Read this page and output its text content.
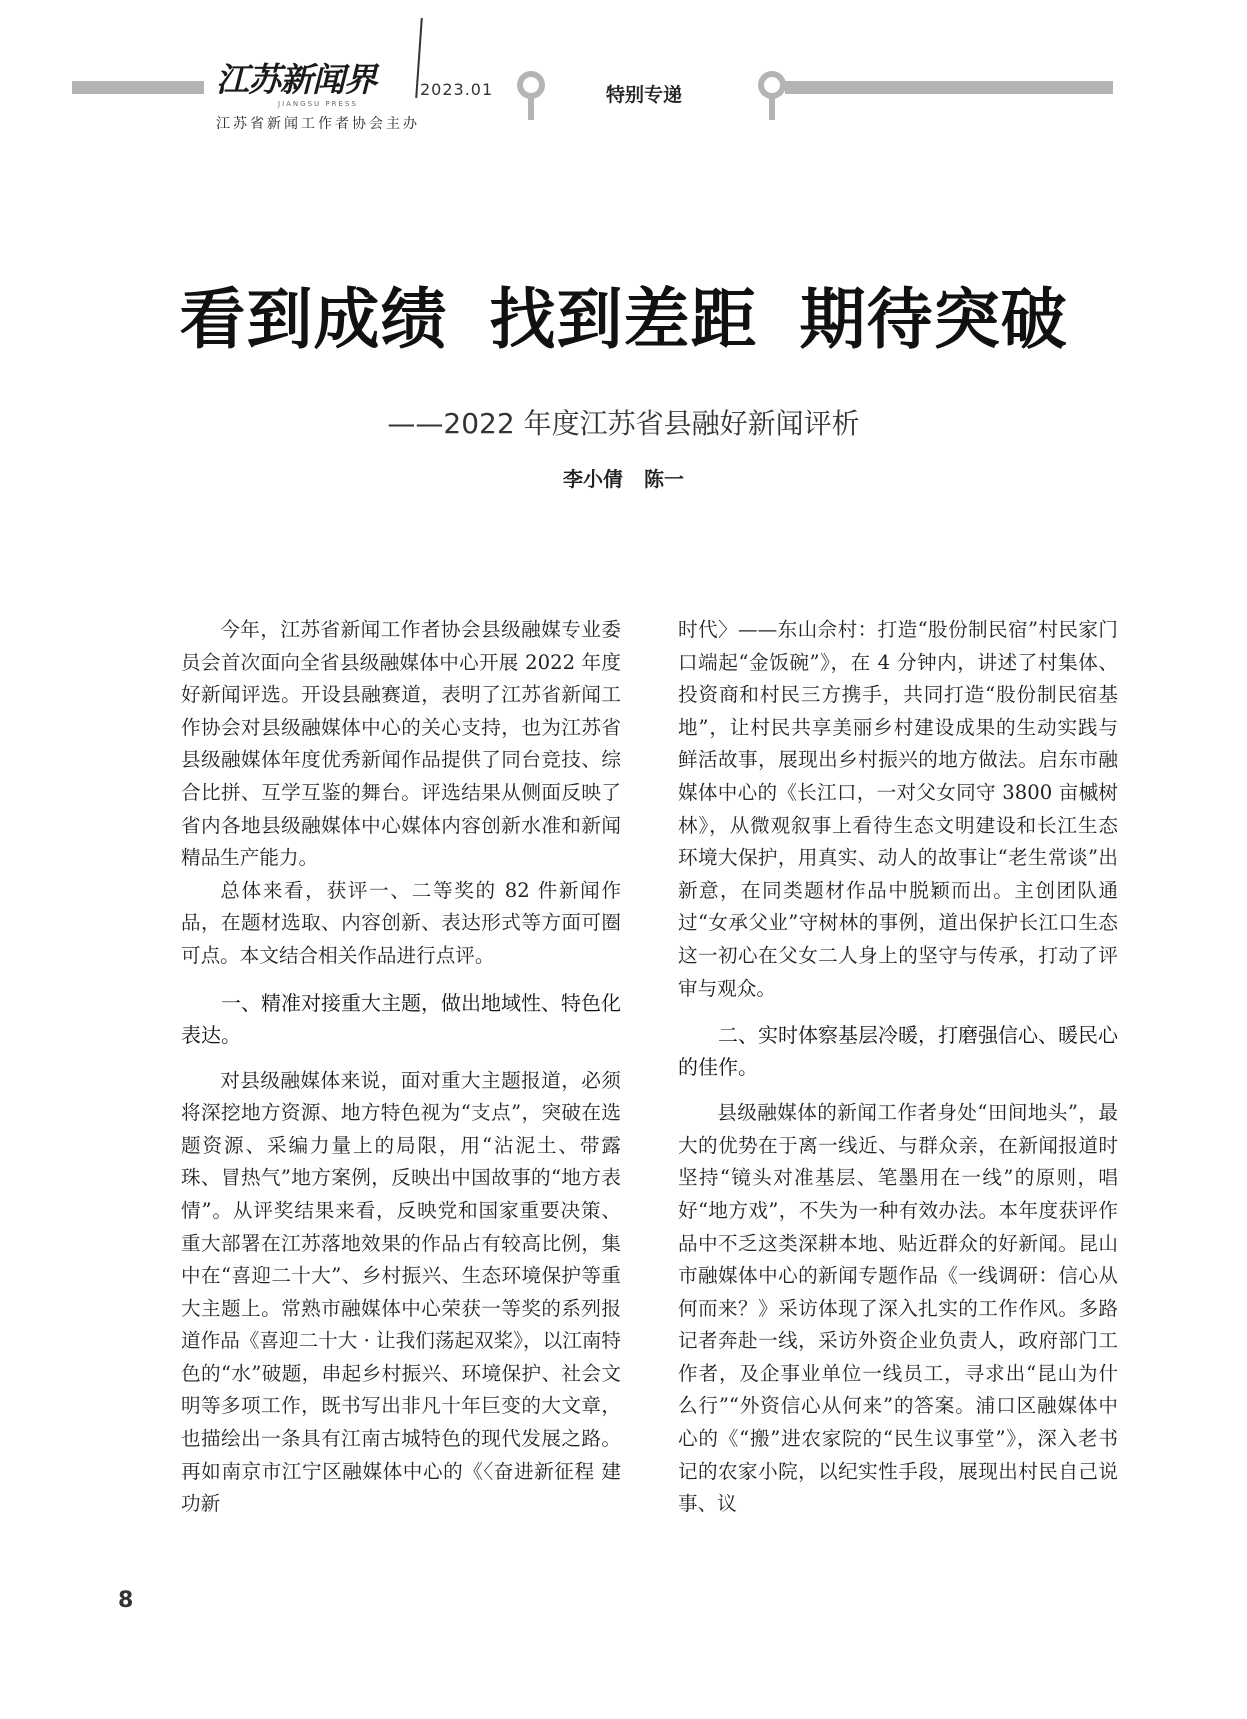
江苏新闻界
JIANGSU PRESS
2023.01
江苏省新闻工作者协会主办
特别专递
看到成绩 找到差距 期待突破
——2022 年度江苏省县融好新闻评析
李小倩 陈一

今年，江苏省新闻工作者协会县级融媒专业委员会首次面向全省县级融媒体中心开展 2022 年度好新闻评选。开设县融赛道，表明了江苏省新闻工作协会对县级融媒体中心的关心支持，也为江苏省县级融媒体年度优秀新闻作品提供了同台竞技、综合比拼、互学互鉴的舞台。评选结果从侧面反映了省内各地县级融媒体中心媒体内容创新水准和新闻精品生产能力。

总体来看，获评一、二等奖的 82 件新闻作品，在题材选取、内容创新、表达形式等方面可圈可点。本文结合相关作品进行点评。

一、精准对接重大主题，做出地域性、特色化表达。

对县级融媒体来说，面对重大主题报道，必须将深挖地方资源、地方特色视为“支点”，突破在选题资源、采编力量上的局限，用“沾泥土、带露珠、冒热气”地方案例，反映出中国故事的“地方表情”。从评奖结果来看，反映党和国家重要决策、重大部署在江苏落地效果的作品占有较高比例，集中在“喜迎二十大”、乡村振兴、生态环境保护等重大主题上。常熟市融媒体中心荣获一等奖的系列报道作品《喜迎二十大 · 让我们荡起双桨》，以江南特色的“水”破题，串起乡村振兴、环境保护、社会文明等多项工作，既书写出非凡十年巨变的大文章，也描绘出一条具有江南古城特色的现代发展之路。再如南京市江宁区融媒体中心的《〈奋进新征程 建功新

时代〉——东山佘村：打造“股份制民宿”村民家门口端起“金饭碗”》，在 4 分钟内，讲述了村集体、投资商和村民三方携手，共同打造“股份制民宿基地”，让村民共享美丽乡村建设成果的生动实践与鲜活故事，展现出乡村振兴的地方做法。启东市融媒体中心的《长江口，一对父女同守 3800 亩槭树林》，从微观叙事上看待生态文明建设和长江生态环境大保护，用真实、动人的故事让“老生常谈”出新意，在同类题材作品中脱颖而出。主创团队通过“女承父业”守树林的事例，道出保护长江口生态这一初心在父女二人身上的坚守与传承，打动了评审与观众。

二、实时体察基层冷暖，打磨强信心、暖民心的佳作。

县级融媒体的新闻工作者身处“田间地头”，最大的优势在于离一线近、与群众亲，在新闻报道时坚持“镜头对准基层、笔墨用在一线”的原则，唱好“地方戏”，不失为一种有效办法。本年度获评作品中不乏这类深耕本地、贴近群众的好新闻。昆山市融媒体中心的新闻专题作品《一线调研：信心从何而来？》采访体现了深入扎实的工作作风。多路记者奔赴一线，采访外资企业负责人，政府部门工作者，及企事业单位一线员工，寻求出“昆山为什么行”“外资信心从何来”的答案。浦口区融媒体中心的《“搬”进农家院的“民生议事堂”》，深入老书记的农家小院，以纪实性手段，展现出村民自己说事、议

8
